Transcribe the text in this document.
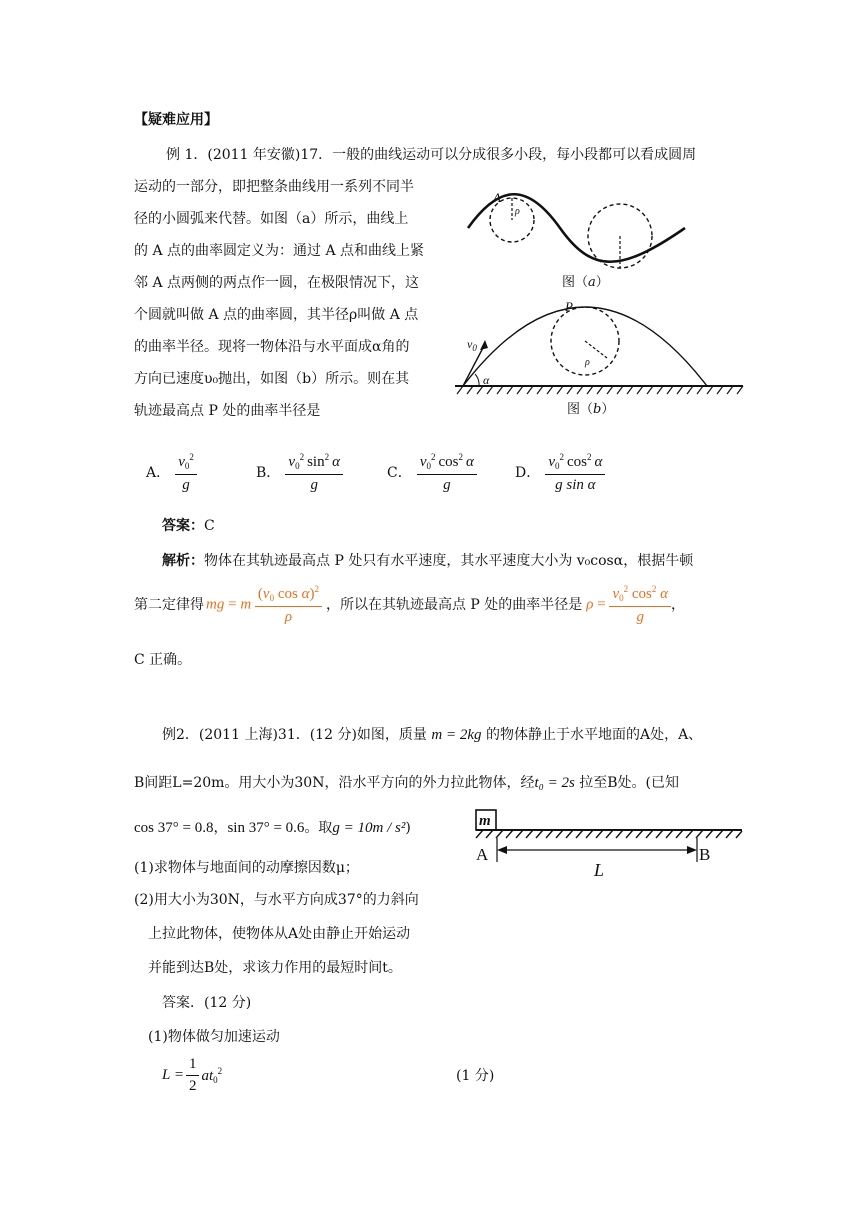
【疑难应用】
例 1．(2011 年安徽)17．一般的曲线运动可以分成很多小段，每小段都可以看成圆周
运动的一部分，即把整条曲线用一系列不同半
径的小圆弧来代替。如图（a）所示，曲线上
的 A 点的曲率圆定义为：通过 A 点和曲线上紧
邻 A 点两侧的两点作一圆，在极限情况下，这
个圆就叫做 A 点的曲率圆，其半径ρ叫做 A 点
的曲率半径。现将一物体沿与水平面成α角的
方向已速度υ₀抛出，如图（b）所示。则在其
轨迹最高点 P 处的曲率半径是
A
ρ
图（a）
P
ρ
$v_0$
α
图（b）
A． $\frac{v_0^2}{g}$	B． $\frac{v_0^2 \sin^2 \alpha}{g}$	C． $\frac{v_0^2 \cos^2 \alpha}{g}$	D． $\frac{v_0^2 \cos^2 \alpha}{\text{g sin α}}$
答案：C
解析：物体在其轨迹最高点 P 处只有水平速度，其水平速度大小为 v₀cosα，根据牛顿
第二定律得 mg = m $\frac{(v_0 \cos \alpha)^2}{\rho}$ ，所以在其轨迹最高点 P 处的曲率半径是 $\rho = \frac{v_0^2 \cos^2 \alpha}{g}$ ，
C 正确。
例2．(2011 上海)31．(12 分)如图，质量 m = 2kg 的物体静止于水平地面的A处，A、
B间距L=20m。用大小为30N，沿水平方向的外力拉此物体，经t₀ = 2s 拉至B处。(已知
cos 37° = 0.8，sin 37° = 0.6。取g = 10m / s²)
(1)求物体与地面间的动摩擦因数μ；
(2)用大小为30N，与水平方向成37°的力斜向
上拉此物体，使物体从A处由静止开始运动
并能到达B处，求该力作用的最短时间t。
m
A	B
L
答案．(12 分)
(1)物体做匀加速运动
$L = \frac{1}{2} at_0^2$	(1 分)
